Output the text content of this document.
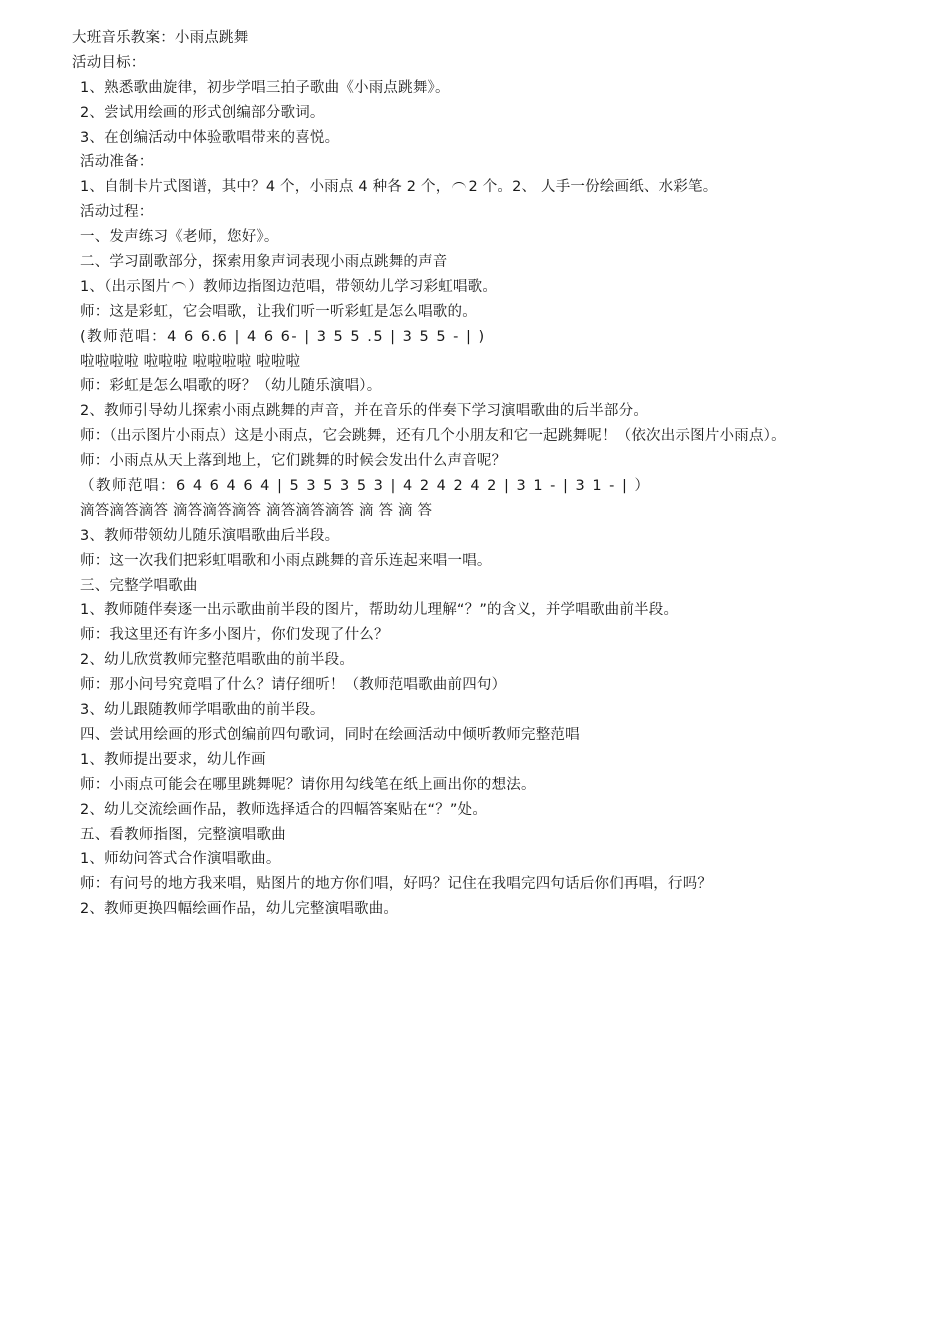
大班音乐教案：小雨点跳舞
活动目标：
1、熟悉歌曲旋律，初步学唱三拍子歌曲《小雨点跳舞》。
2、尝试用绘画的形式创编部分歌词。
3、在创编活动中体验歌唱带来的喜悦。
活动准备：
1、自制卡片式图谱，其中？4 个，小雨点 4 种各 2 个， 2 个。2、 人手一份绘画纸、水彩笔。
活动过程：
一、发声练习《老师，您好》。
二、学习副歌部分，探索用象声词表现小雨点跳舞的声音
1、（出示图片 ）教师边指图边范唱，带领幼儿学习彩虹唱歌。
师：这是彩虹，它会唱歌，让我们听一听彩虹是怎么唱歌的。
(教师范唱：4 6 6.6 | 4 6 6- | 3 5 5 .5 | 3 5 5 - | )
啦啦啦啦 啦啦啦 啦啦啦啦 啦啦啦
师：彩虹是怎么唱歌的呀？（幼儿随乐演唱）。
2、教师引导幼儿探索小雨点跳舞的声音，并在音乐的伴奏下学习演唱歌曲的后半部分。
师：（出示图片小雨点）这是小雨点，它会跳舞，还有几个小朋友和它一起跳舞呢！（依次出示图片小雨点）。
师：小雨点从天上落到地上，它们跳舞的时候会发出什么声音呢？
（教师范唱：6 4 6 4 6 4 | 5 3 5 3 5 3 | 4 2 4 2 4 2 | 3 1 - | 3 1 - | ）
滴答滴答滴答 滴答滴答滴答 滴答滴答滴答 滴 答 滴 答
3、教师带领幼儿随乐演唱歌曲后半段。
师：这一次我们把彩虹唱歌和小雨点跳舞的音乐连起来唱一唱。
三、完整学唱歌曲
1、教师随伴奏逐一出示歌曲前半段的图片，帮助幼儿理解“？”的含义，并学唱歌曲前半段。
师：我这里还有许多小图片，你们发现了什么？
2、幼儿欣赏教师完整范唱歌曲的前半段。
师：那小问号究竟唱了什么？请仔细听！（教师范唱歌曲前四句）
3、幼儿跟随教师学唱歌曲的前半段。
四、尝试用绘画的形式创编前四句歌词，同时在绘画活动中倾听教师完整范唱
1、教师提出要求，幼儿作画
师：小雨点可能会在哪里跳舞呢？请你用勾线笔在纸上画出你的想法。
2、幼儿交流绘画作品，教师选择适合的四幅答案贴在“？”处。
五、看教师指图，完整演唱歌曲
1、师幼问答式合作演唱歌曲。
师：有问号的地方我来唱，贴图片的地方你们唱，好吗？记住在我唱完四句话后你们再唱，行吗？
2、教师更换四幅绘画作品，幼儿完整演唱歌曲。
